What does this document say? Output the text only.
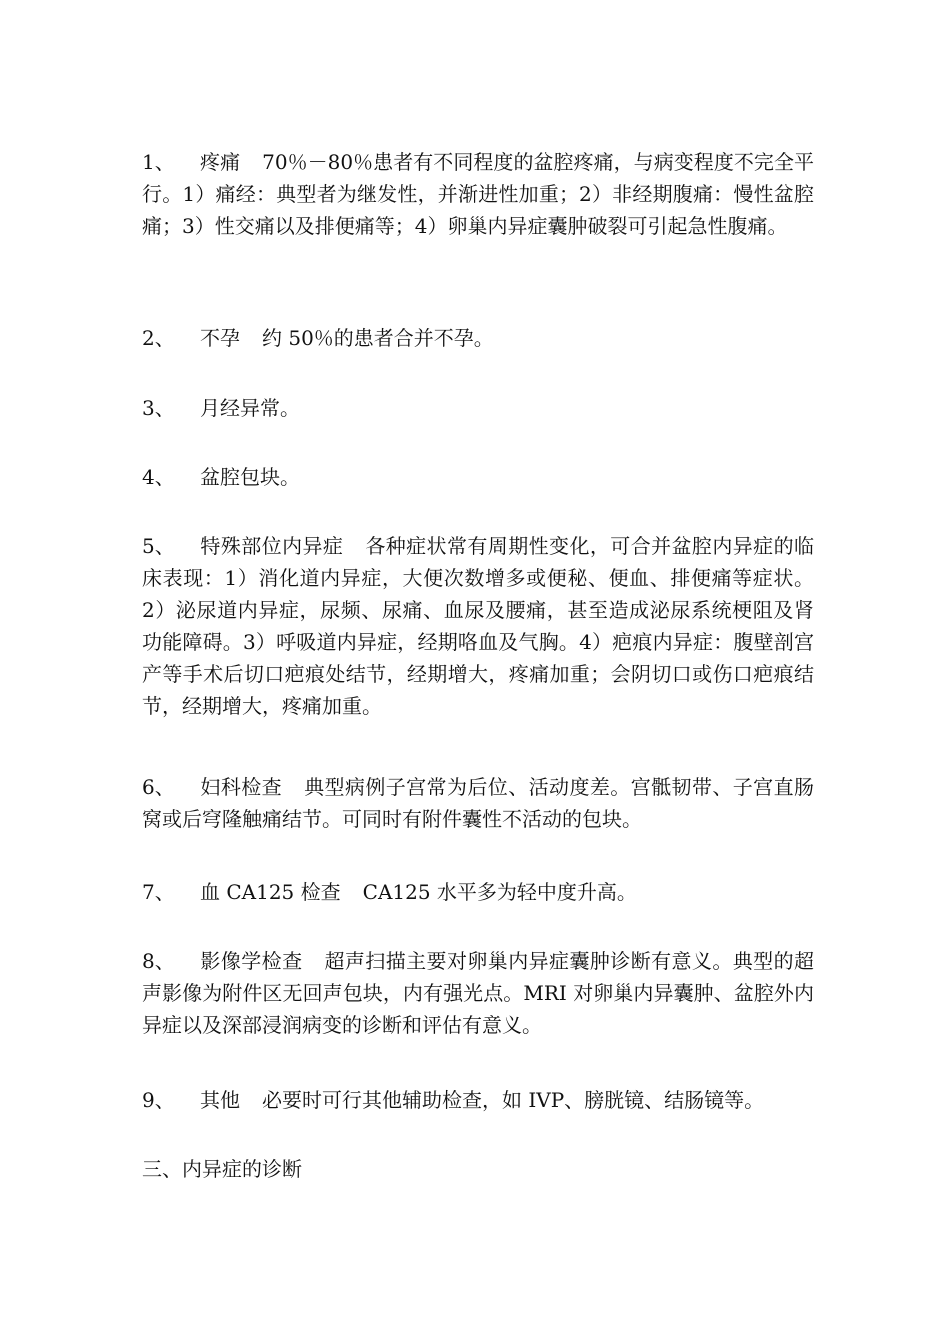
1、 疼痛 70％－80％患者有不同程度的盆腔疼痛，与病变程度不完全平行。1）痛经：典型者为继发性，并渐进性加重；2）非经期腹痛：慢性盆腔痛；3）性交痛以及排便痛等；4）卵巢内异症囊肿破裂可引起急性腹痛。

2、 不孕 约 50％的患者合并不孕。

3、 月经异常。

4、 盆腔包块。

5、 特殊部位内异症 各种症状常有周期性变化，可合并盆腔内异症的临床表现：1）消化道内异症，大便次数增多或便秘、便血、排便痛等症状。2）泌尿道内异症，尿频、尿痛、血尿及腰痛，甚至造成泌尿系统梗阻及肾功能障碍。3）呼吸道内异症，经期咯血及气胸。4）疤痕内异症：腹壁剖宫产等手术后切口疤痕处结节，经期增大，疼痛加重；会阴切口或伤口疤痕结节，经期增大，疼痛加重。

6、 妇科检查 典型病例子宫常为后位、活动度差。宫骶韧带、子宫直肠窝或后穹隆触痛结节。可同时有附件囊性不活动的包块。

7、 血 CA125 检查 CA125 水平多为轻中度升高。

8、 影像学检查 超声扫描主要对卵巢内异症囊肿诊断有意义。典型的超声影像为附件区无回声包块，内有强光点。MRI 对卵巢内异囊肿、盆腔外内异症以及深部浸润病变的诊断和评估有意义。

9、 其他 必要时可行其他辅助检查，如 IVP、膀胱镜、结肠镜等。

三、内异症的诊断
